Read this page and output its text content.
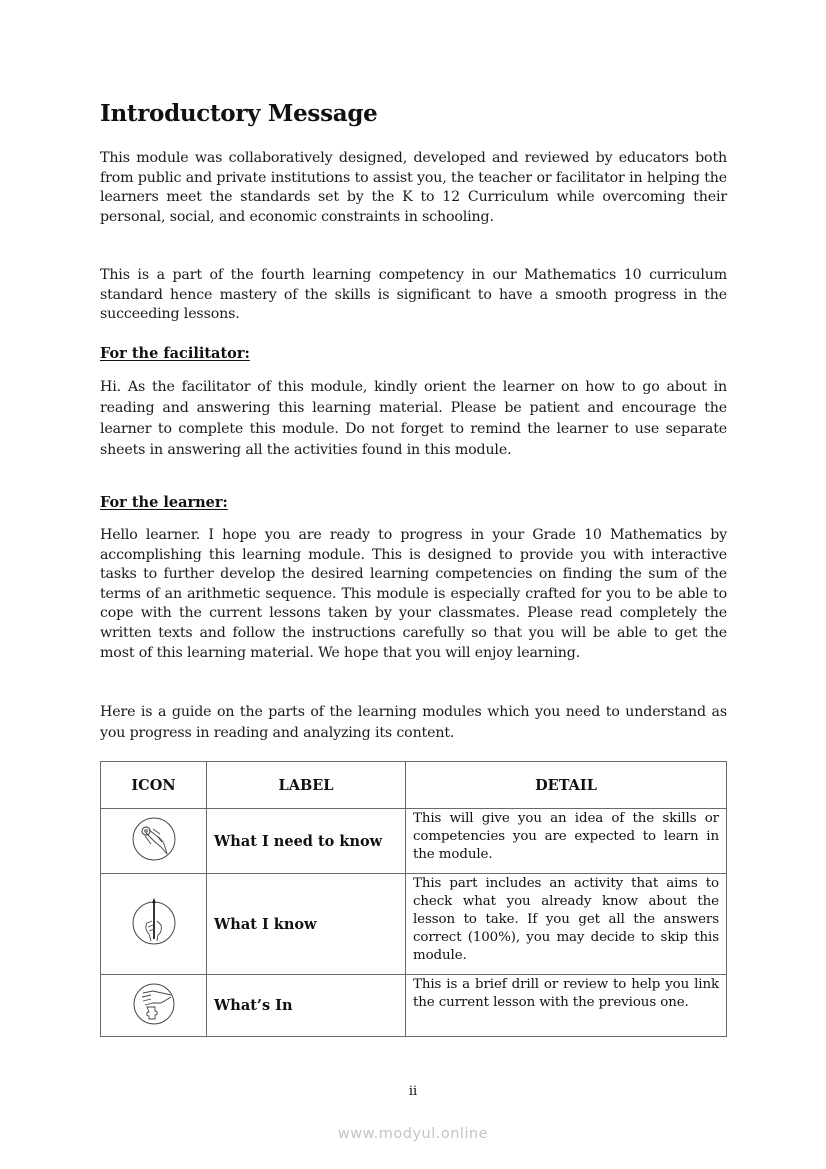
Introductory Message

This module was collaboratively designed, developed and reviewed by educators both from public and private institutions to assist you, the teacher or facilitator in helping the learners meet the standards set by the K to 12 Curriculum while overcoming their personal, social, and economic constraints in schooling.

This is a part of the fourth learning competency in our Mathematics 10 curriculum standard hence mastery of the skills is significant to have a smooth progress in the succeeding lessons.

For the facilitator:

Hi. As the facilitator of this module, kindly orient the learner on how to go about in reading and answering this learning material. Please be patient and encourage the learner to complete this module. Do not forget to remind the learner to use separate sheets in answering all the activities found in this module.

For the learner:

Hello learner. I hope you are ready to progress in your Grade 10 Mathematics by accomplishing this learning module. This is designed to provide you with interactive tasks to further develop the desired learning competencies on finding the sum of the terms of an arithmetic sequence. This module is especially crafted for you to be able to cope with the current lessons taken by your classmates. Please read completely the written texts and follow the instructions carefully so that you will be able to get the most of this learning material. We hope that you will enjoy learning.

Here is a guide on the parts of the learning modules which you need to understand as you progress in reading and analyzing its content.

ICON	LABEL	DETAIL
	What I need to know	This will give you an idea of the skills or competencies you are expected to learn in the module.
	What I know	This part includes an activity that aims to check what you already know about the lesson to take. If you get all the answers correct (100%), you may decide to skip this module.
	What’s In	This is a brief drill or review to help you link the current lesson with the previous one.
ii
www.modyul.online
